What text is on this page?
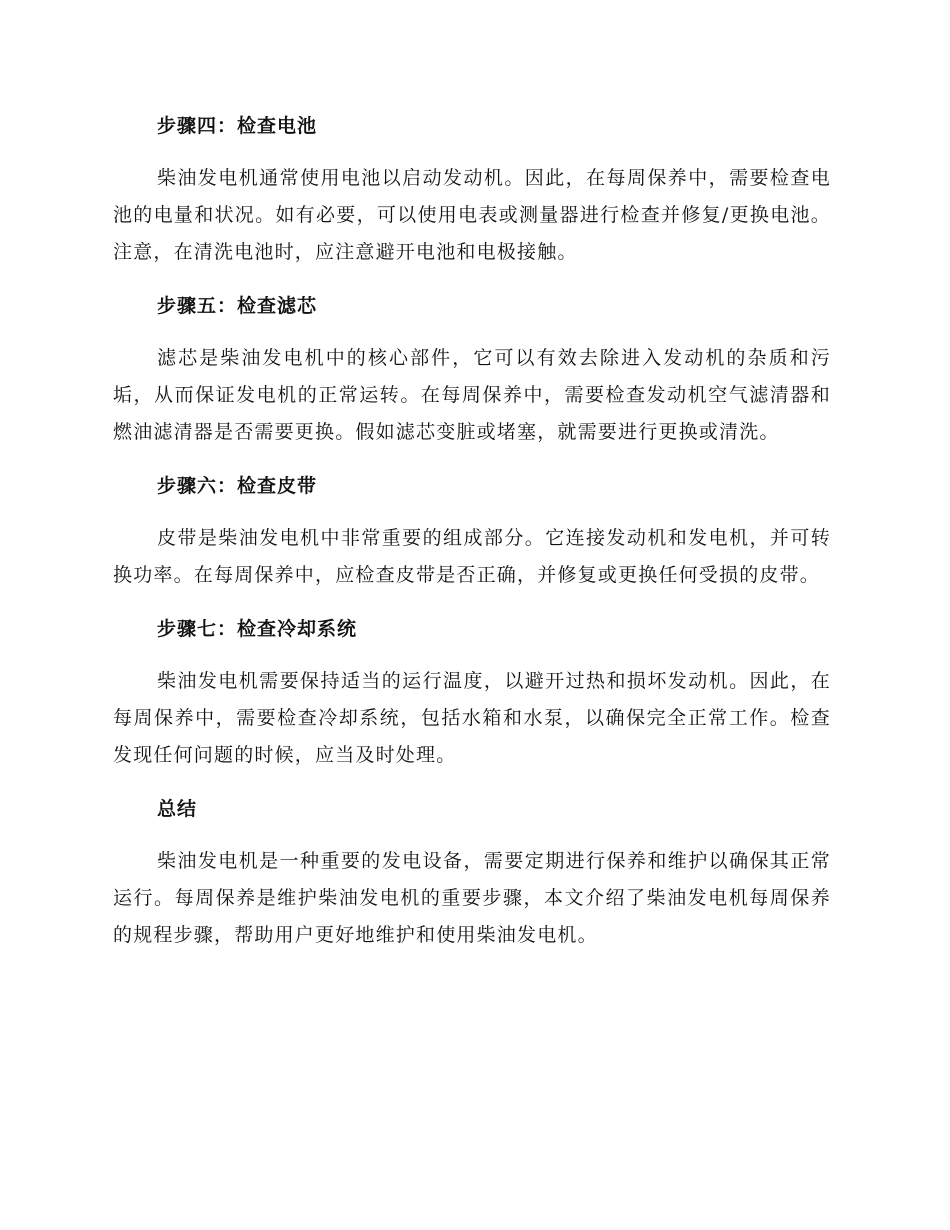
步骤四：检查电池

柴油发电机通常使用电池以启动发动机。因此，在每周保养中，需要检查电池的电量和状况。如有必要，可以使用电表或测量器进行检查并修复/更换电池。注意，在清洗电池时，应注意避开电池和电极接触。

步骤五：检查滤芯

滤芯是柴油发电机中的核心部件，它可以有效去除进入发动机的杂质和污垢，从而保证发电机的正常运转。在每周保养中，需要检查发动机空气滤清器和燃油滤清器是否需要更换。假如滤芯变脏或堵塞，就需要进行更换或清洗。

步骤六：检查皮带

皮带是柴油发电机中非常重要的组成部分。它连接发动机和发电机，并可转换功率。在每周保养中，应检查皮带是否正确，并修复或更换任何受损的皮带。

步骤七：检查冷却系统

柴油发电机需要保持适当的运行温度，以避开过热和损坏发动机。因此，在每周保养中，需要检查冷却系统，包括水箱和水泵，以确保完全正常工作。检查发现任何问题的时候，应当及时处理。

总结

柴油发电机是一种重要的发电设备，需要定期进行保养和维护以确保其正常运行。每周保养是维护柴油发电机的重要步骤，本文介绍了柴油发电机每周保养的规程步骤，帮助用户更好地维护和使用柴油发电机。
